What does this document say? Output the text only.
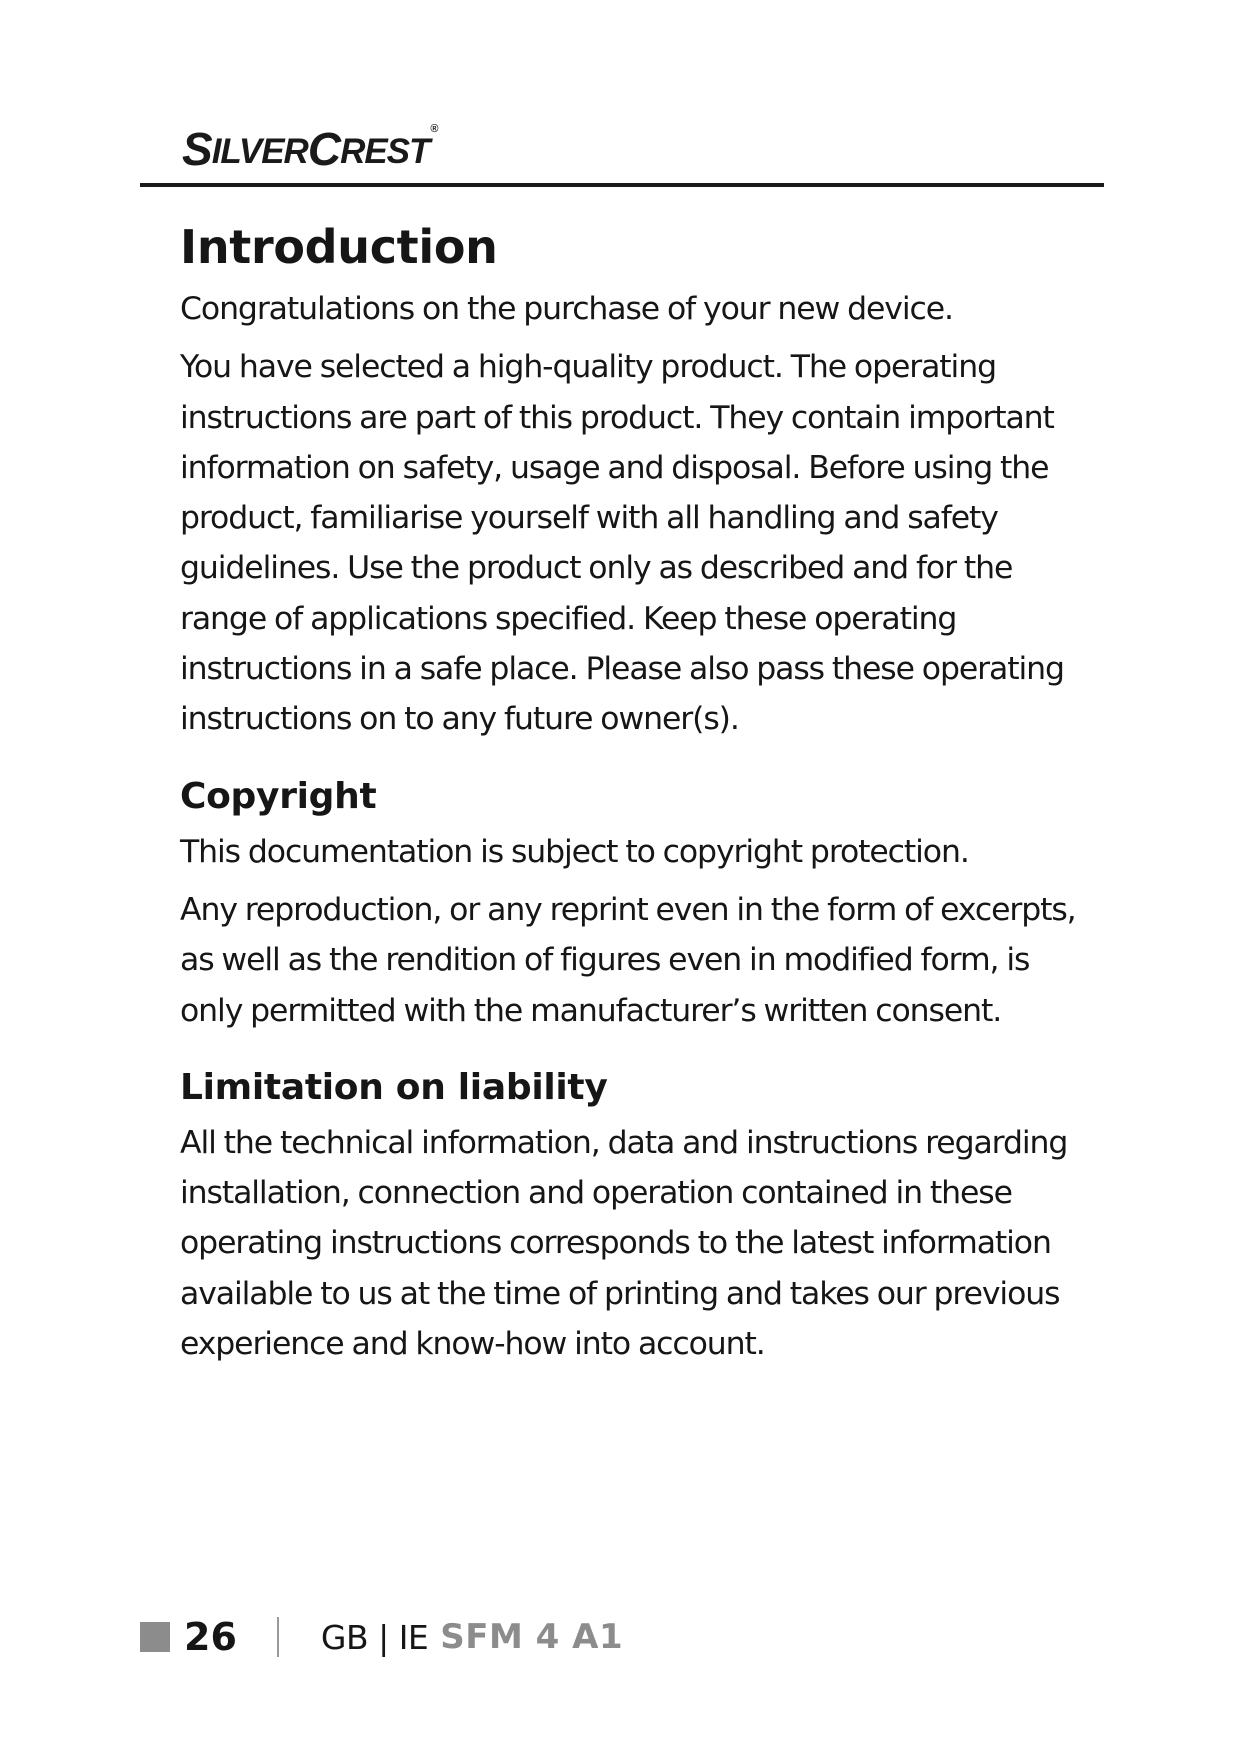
S ILVER C REST
®
Introduction

Congratulations on the purchase of your new device.

You have selected a high-quality product. The operating instructions are part of this product. They contain important information on safety, usage and disposal. Before using the product, familiarise yourself with all handling and safety guidelines. Use the product only as described and for the range of applications specified. Keep these operating instructions in a safe place. Please also pass these operating instructions on to any future owner(s).

Copyright

This documentation is subject to copyright protection.

Any reproduction, or any reprint even in the form of excerpts, as well as the rendition of figures even in modified form, is only permitted with the manufacturer’s written consent.

Limitation on liability

All the technical information, data and instructions regarding installation, connection and operation contained in these operating instructions corresponds to the latest information available to us at the time of printing and takes our previous experience and know-how into account.

26	GB | IE SFM 4 A1
